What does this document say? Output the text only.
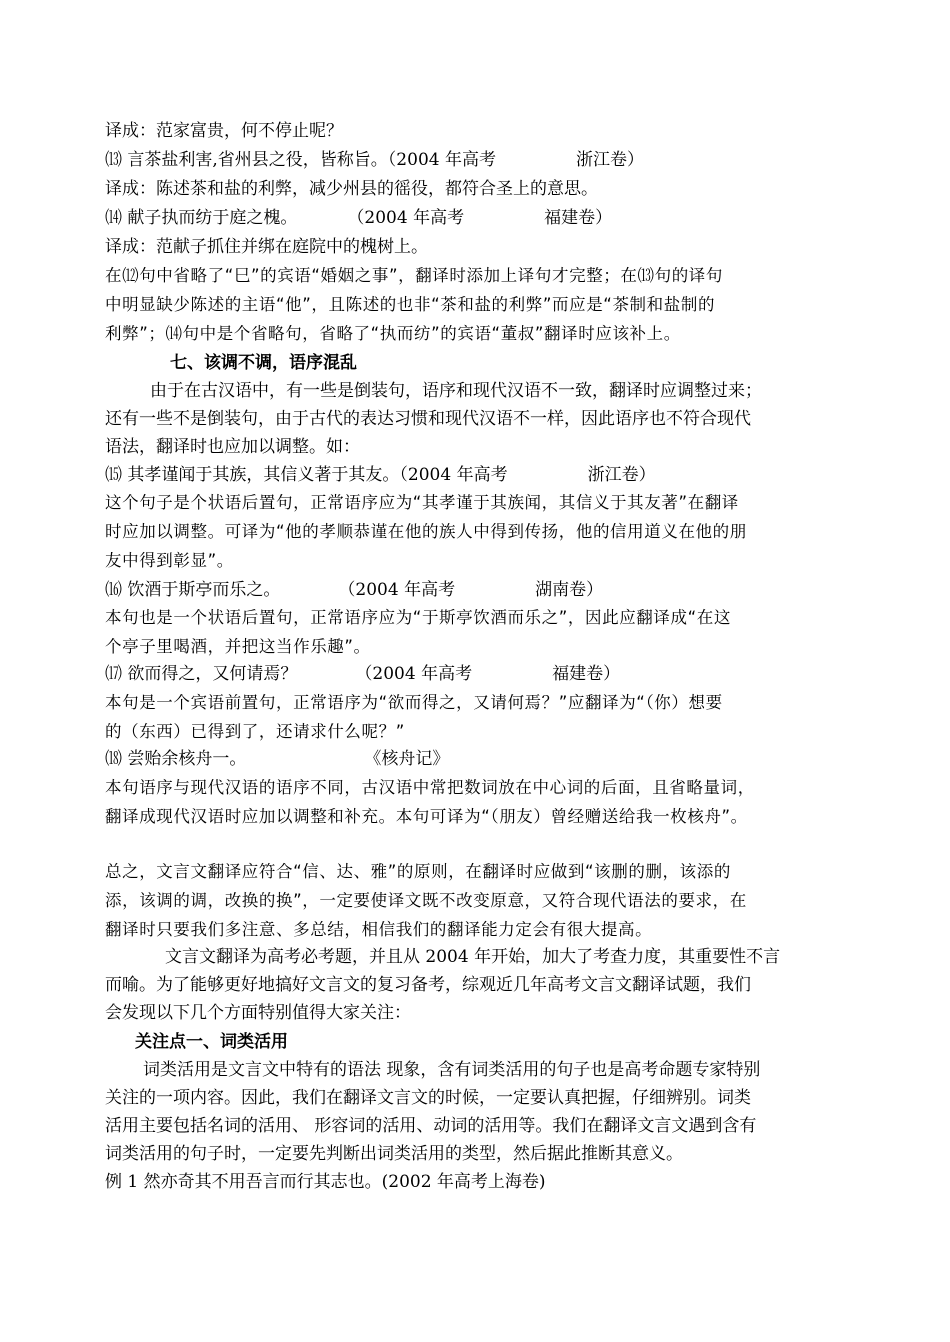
译成：范家富贵，何不停止呢？
⒀ 言茶盐利害,省州县之役，皆称旨。（2004 年高考	浙江卷）
译成：陈述茶和盐的利弊，减少州县的徭役，都符合圣上的意思。
⒁ 献子执而纺于庭之槐。	（2004 年高考	福建卷）
译成：范献子抓住并绑在庭院中的槐树上。
在⑿句中省略了“巳”的宾语“婚姻之事”，翻译时添加上译句才完整；在⒀句的译句
中明显缺少陈述的主语“他”，且陈述的也非“茶和盐的利弊”而应是“茶制和盐制的
利弊”；⒁句中是个省略句，省略了“执而纺”的宾语“董叔”翻译时应该补上。
七、该调不调，语序混乱
由于在古汉语中，有一些是倒装句，语序和现代汉语不一致，翻译时应调整过来；
还有一些不是倒装句，由于古代的表达习惯和现代汉语不一样，因此语序也不符合现代
语法，翻译时也应加以调整。如：
⒂ 其孝谨闻于其族，其信义著于其友。（2004 年高考	浙江卷）
这个句子是个状语后置句，正常语序应为“其孝谨于其族闻，其信义于其友著”在翻译
时应加以调整。可译为“他的孝顺恭谨在他的族人中得到传扬，他的信用道义在他的朋
友中得到彰显”。
⒃ 饮酒于斯亭而乐之。	（2004 年高考	湖南卷）
本句也是一个状语后置句，正常语序应为“于斯亭饮酒而乐之”，因此应翻译成“在这
个亭子里喝酒，并把这当作乐趣”。
⒄ 欲而得之，又何请焉？	（2004 年高考	福建卷）
本句是一个宾语前置句，正常语序为“欲而得之，又请何焉？”应翻译为“（你）想要
的（东西）已得到了，还请求什么呢？”
⒅ 尝贻余核舟一。	《核舟记》
本句语序与现代汉语的语序不同，古汉语中常把数词放在中心词的后面，且省略量词，
翻译成现代汉语时应加以调整和补充。本句可译为“（朋友）曾经赠送给我一枚核舟”。
总之，文言文翻译应符合“信、达、雅”的原则，在翻译时应做到“该删的删，该添的
添，该调的调，改换的换”，一定要使译文既不改变原意，又符合现代语法的要求，在
翻译时只要我们多注意、多总结，相信我们的翻译能力定会有很大提高。
文言文翻译为高考必考题，并且从 2004 年开始，加大了考查力度，其重要性不言
而喻。为了能够更好地搞好文言文的复习备考，综观近几年高考文言文翻译试题，我们
会发现以下几个方面特别值得大家关注：
关注点一、词类活用
词类活用是文言文中特有的语法 现象，含有词类活用的句子也是高考命题专家特别
关注的一项内容。因此，我们在翻译文言文的时候，一定要认真把握，仔细辨别。词类
活用主要包括名词的活用、 形容词的活用、动词的活用等。我们在翻译文言文遇到含有
词类活用的句子时，一定要先判断出词类活用的类型，然后据此推断其意义。
例 1 然亦奇其不用吾言而行其志也。(2002 年高考上海卷)
